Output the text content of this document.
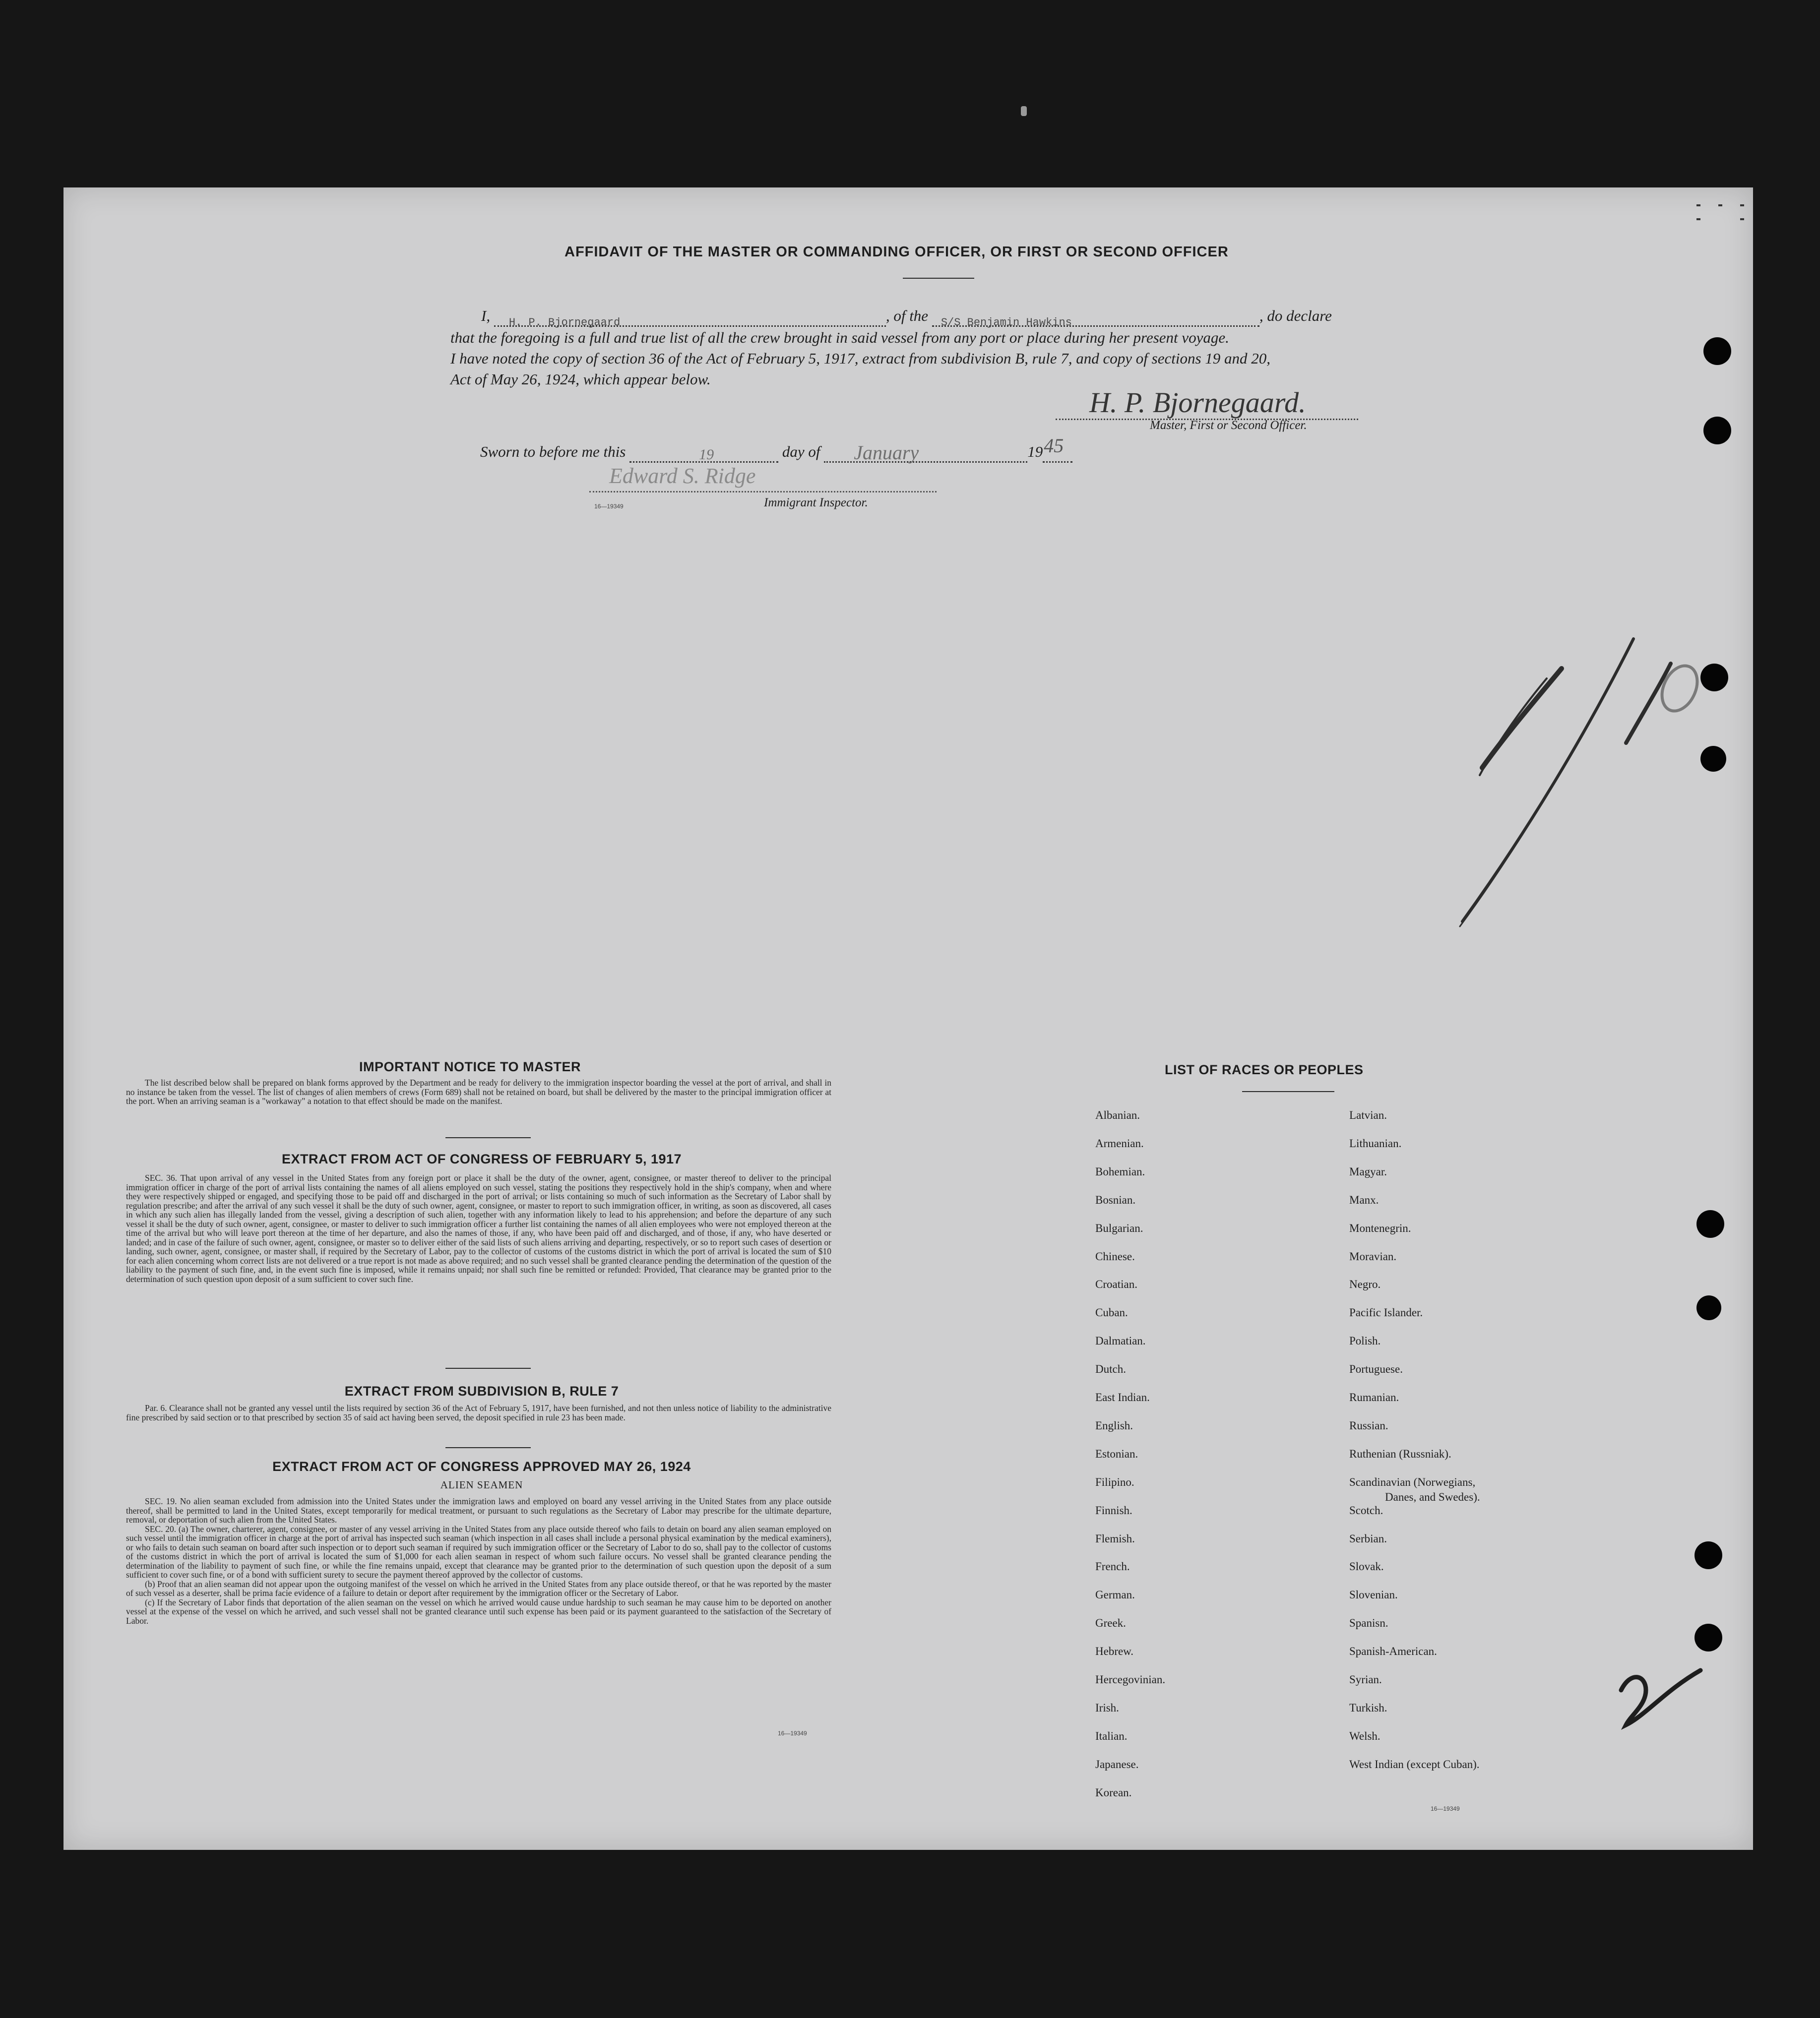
AFFIDAVIT OF THE MASTER OR COMMANDING OFFICER, OR FIRST OR SECOND OFFICER
I, H. P. Bjornegaard	, of the S/S Benjamin Hawkins	, do declare
that the foregoing is a full and true list of all the crew brought in said vessel from any port or place during her present voyage.
I have noted the copy of section 36 of the Act of February 5, 1917, extract from subdivision B, rule 7, and copy of sections 19 and 20,
Act of May 26, 1924, which appear below.
H. P. Bjornegaard.
Master, First or Second Officer.
Sworn to before me this	19	day of January	19 45
Edward S. Ridge
16—19349	Immigrant Inspector.
1/10
IMPORTANT NOTICE TO MASTER

The list described below shall be prepared on blank forms approved by the Department and be ready for delivery to the immigration inspector boarding the vessel at the port of arrival, and shall in no instance be taken from the vessel. The list of changes of alien members of crews (Form 689) shall not be retained on board, but shall be delivered by the master to the principal immigration officer at the port. When an arriving seaman is a "workaway" a notation to that effect should be made on the manifest.

EXTRACT FROM ACT OF CONGRESS OF FEBRUARY 5, 1917

SEC. 36. That upon arrival of any vessel in the United States from any foreign port or place it shall be the duty of the owner, agent, consignee, or master thereof to deliver to the principal immigration officer in charge of the port of arrival lists containing the names of all aliens employed on such vessel, stating the positions they respectively hold in the ship's company, when and where they were respectively shipped or engaged, and specifying those to be paid off and discharged in the port of arrival; or lists containing so much of such information as the Secretary of Labor shall by regulation prescribe; and after the arrival of any such vessel it shall be the duty of such owner, agent, consignee, or master to report to such immigration officer, in writing, as soon as discovered, all cases in which any such alien has illegally landed from the vessel, giving a description of such alien, together with any information likely to lead to his apprehension; and before the departure of any such vessel it shall be the duty of such owner, agent, consignee, or master to deliver to such immigration officer a further list containing the names of all alien employees who were not employed thereon at the time of the arrival but who will leave port thereon at the time of her departure, and also the names of those, if any, who have been paid off and discharged, and of those, if any, who have deserted or landed; and in case of the failure of such owner, agent, consignee, or master so to deliver either of the said lists of such aliens arriving and departing, respectively, or so to report such cases of desertion or landing, such owner, agent, consignee, or master shall, if required by the Secretary of Labor, pay to the collector of customs of the customs district in which the port of arrival is located the sum of $10 for each alien concerning whom correct lists are not delivered or a true report is not made as above required; and no such vessel shall be granted clearance pending the determination of the question of the liability to the payment of such fine, and, in the event such fine is imposed, while it remains unpaid; nor shall such fine be remitted or refunded: Provided, That clearance may be granted prior to the determination of such question upon deposit of a sum sufficient to cover such fine.

EXTRACT FROM SUBDIVISION B, RULE 7

Par. 6. Clearance shall not be granted any vessel until the lists required by section 36 of the Act of February 5, 1917, have been furnished, and not then unless notice of liability to the administrative fine prescribed by said section or to that prescribed by section 35 of said act having been served, the deposit specified in rule 23 has been made.

EXTRACT FROM ACT OF CONGRESS APPROVED MAY 26, 1924
ALIEN SEAMEN

SEC. 19. No alien seaman excluded from admission into the United States under the immigration laws and employed on board any vessel arriving in the United States from any place outside thereof, shall be permitted to land in the United States, except temporarily for medical treatment, or pursuant to such regulations as the Secretary of Labor may prescribe for the ultimate departure, removal, or deportation of such alien from the United States.

SEC. 20. (a) The owner, charterer, agent, consignee, or master of any vessel arriving in the United States from any place outside thereof who fails to detain on board any alien seaman employed on such vessel until the immigration officer in charge at the port of arrival has inspected such seaman (which inspection in all cases shall include a personal physical examination by the medical examiners), or who fails to detain such seaman on board after such inspection or to deport such seaman if required by such immigration officer or the Secretary of Labor to do so, shall pay to the collector of customs of the customs district in which the port of arrival is located the sum of $1,000 for each alien seaman in respect of whom such failure occurs. No vessel shall be granted clearance pending the determination of the liability to payment of such fine, or while the fine remains unpaid, except that clearance may be granted prior to the determination of such question upon the deposit of a sum sufficient to cover such fine, or of a bond with sufficient surety to secure the payment thereof approved by the collector of customs.

(b) Proof that an alien seaman did not appear upon the outgoing manifest of the vessel on which he arrived in the United States from any place outside thereof, or that he was reported by the master of such vessel as a deserter, shall be prima facie evidence of a failure to detain or deport after requirement by the immigration officer or the Secretary of Labor.

(c) If the Secretary of Labor finds that deportation of the alien seaman on the vessel on which he arrived would cause undue hardship to such seaman he may cause him to be deported on another vessel at the expense of the vessel on which he arrived, and such vessel shall not be granted clearance until such expense has been paid or its payment guaranteed to the satisfaction of the Secretary of Labor.

16—19349
LIST OF RACES OR PEOPLES
Albanian.
Armenian.
Bohemian.
Bosnian.
Bulgarian.
Chinese.
Croatian.
Cuban.
Dalmatian.
Dutch.
East Indian.
English.
Estonian.
Filipino.
Finnish.
Flemish.
French.
German.
Greek.
Hebrew.
Hercegovinian.
Irish.
Italian.
Japanese.
Korean.
Latvian.
Lithuanian.
Magyar.
Manx.
Montenegrin.
Moravian.
Negro.
Pacific Islander.
Polish.
Portuguese.
Rumanian.
Russian.
Ruthenian (Russniak).
Scandinavian (Norwegians,
Danes, and Swedes).
Scotch.
Serbian.
Slovak.
Slovenian.
Spanisn.
Spanish-American.
Syrian.
Turkish.
Welsh.
West Indian (except Cuban).
16—19349
